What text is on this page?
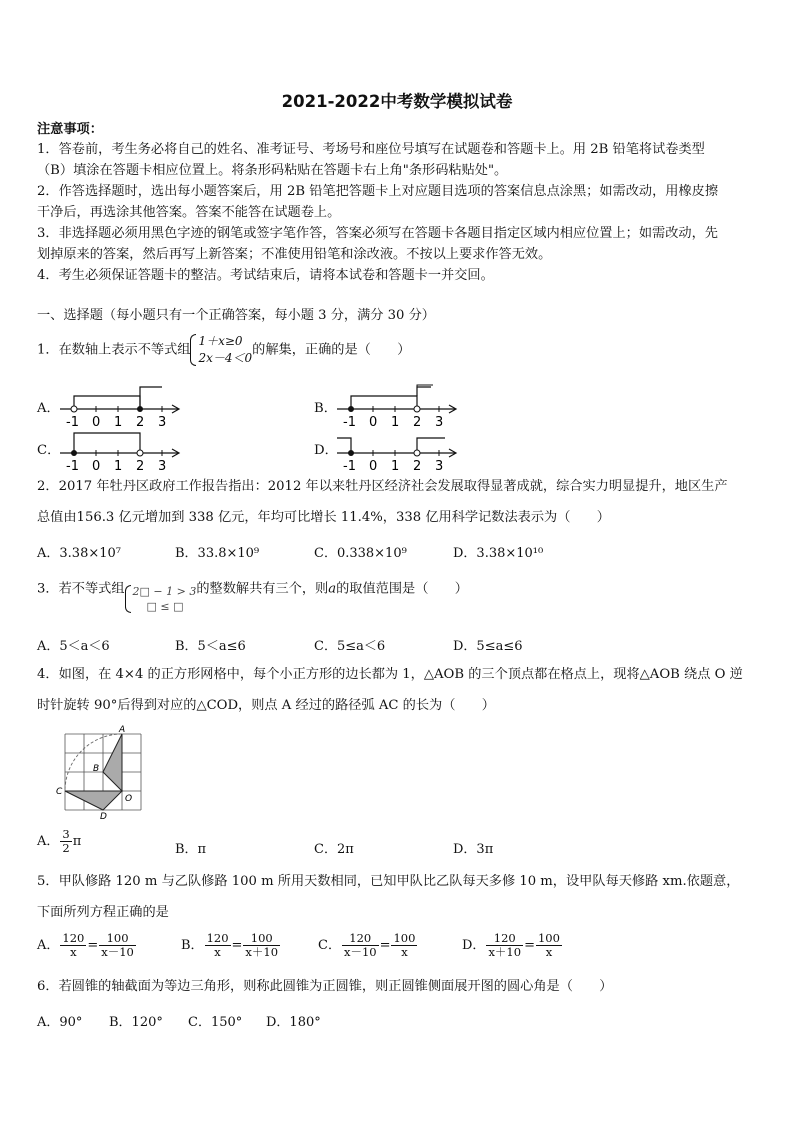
2021-2022中考数学模拟试卷
注意事项：
1．答卷前，考生务必将自己的姓名、准考证号、考场号和座位号填写在试题卷和答题卡上。用 2B 铅笔将试卷类型
（B）填涂在答题卡相应位置上。将条形码粘贴在答题卡右上角"条形码粘贴处"。
2．作答选择题时，选出每小题答案后，用 2B 铅笔把答题卡上对应题目选项的答案信息点涂黑；如需改动，用橡皮擦
干净后，再选涂其他答案。答案不能答在试题卷上。
3．非选择题必须用黑色字迹的钢笔或签字笔作答，答案必须写在答题卡各题目指定区域内相应位置上；如需改动，先
划掉原来的答案，然后再写上新答案；不准使用铅笔和涂改液。不按以上要求作答无效。
4．考生必须保证答题卡的整洁。考试结束后，请将本试卷和答题卡一并交回。
一、选择题（每小题只有一个正确答案，每小题 3 分，满分 30 分）
1．在数轴上表示不等式组
1＋x≥0
2x－4＜0
的解集，正确的是（　　）
A．	B．
C．	D．
-1 0 1 2 3	-1 0 1 2 3
-1 0 1 2 3	-1 0 1 2 3
2．2017 年牡丹区政府工作报告指出：2012 年以来牡丹区经济社会发展取得显著成就，综合实力明显提升，地区生产
总值由156.3 亿元增加到 338 亿元，年均可比增长 11.4%，338 亿用科学记数法表示为（　　）
A．3.38×10⁷	B．33.8×10⁹	C．0.338×10⁹	D．3.38×10¹⁰
3．若不等式组 2□ − 1 > 3
□ ≤ □
的整数解共有三个，则a的取值范围是（　　）
A．5＜a＜6	B．5＜a≤6	C．5≤a＜6	D．5≤a≤6
4．如图，在 4×4 的正方形网格中，每个小正方形的边长都为 1，△AOB 的三个顶点都在格点上，现将△AOB 绕点 O 逆
时针旋转 90°后得到对应的△COD，则点 A 经过的路径弧 AC 的长为（　　）
A
B
C
D
O
A． $\frac{3}{2}$ π
B．π	C．2π	D．3π
5．甲队修路 120 m 与乙队修路 100 m 所用天数相同，已知甲队比乙队每天多修 10 m，设甲队每天修路 xm.依题意，
下面所列方程正确的是
A． $\frac{120}{x} = \frac{100}{x-10}$	B． $\frac{120}{x} = \frac{100}{x+10}$	C． $\frac{120}{x-10} = \frac{100}{x}$	D． $\frac{120}{x+10} = \frac{100}{x}$
6．若圆锥的轴截面为等边三角形，则称此圆锥为正圆锥，则正圆锥侧面展开图的圆心角是（　　）
A．90° B．120° C．150° D．180°
